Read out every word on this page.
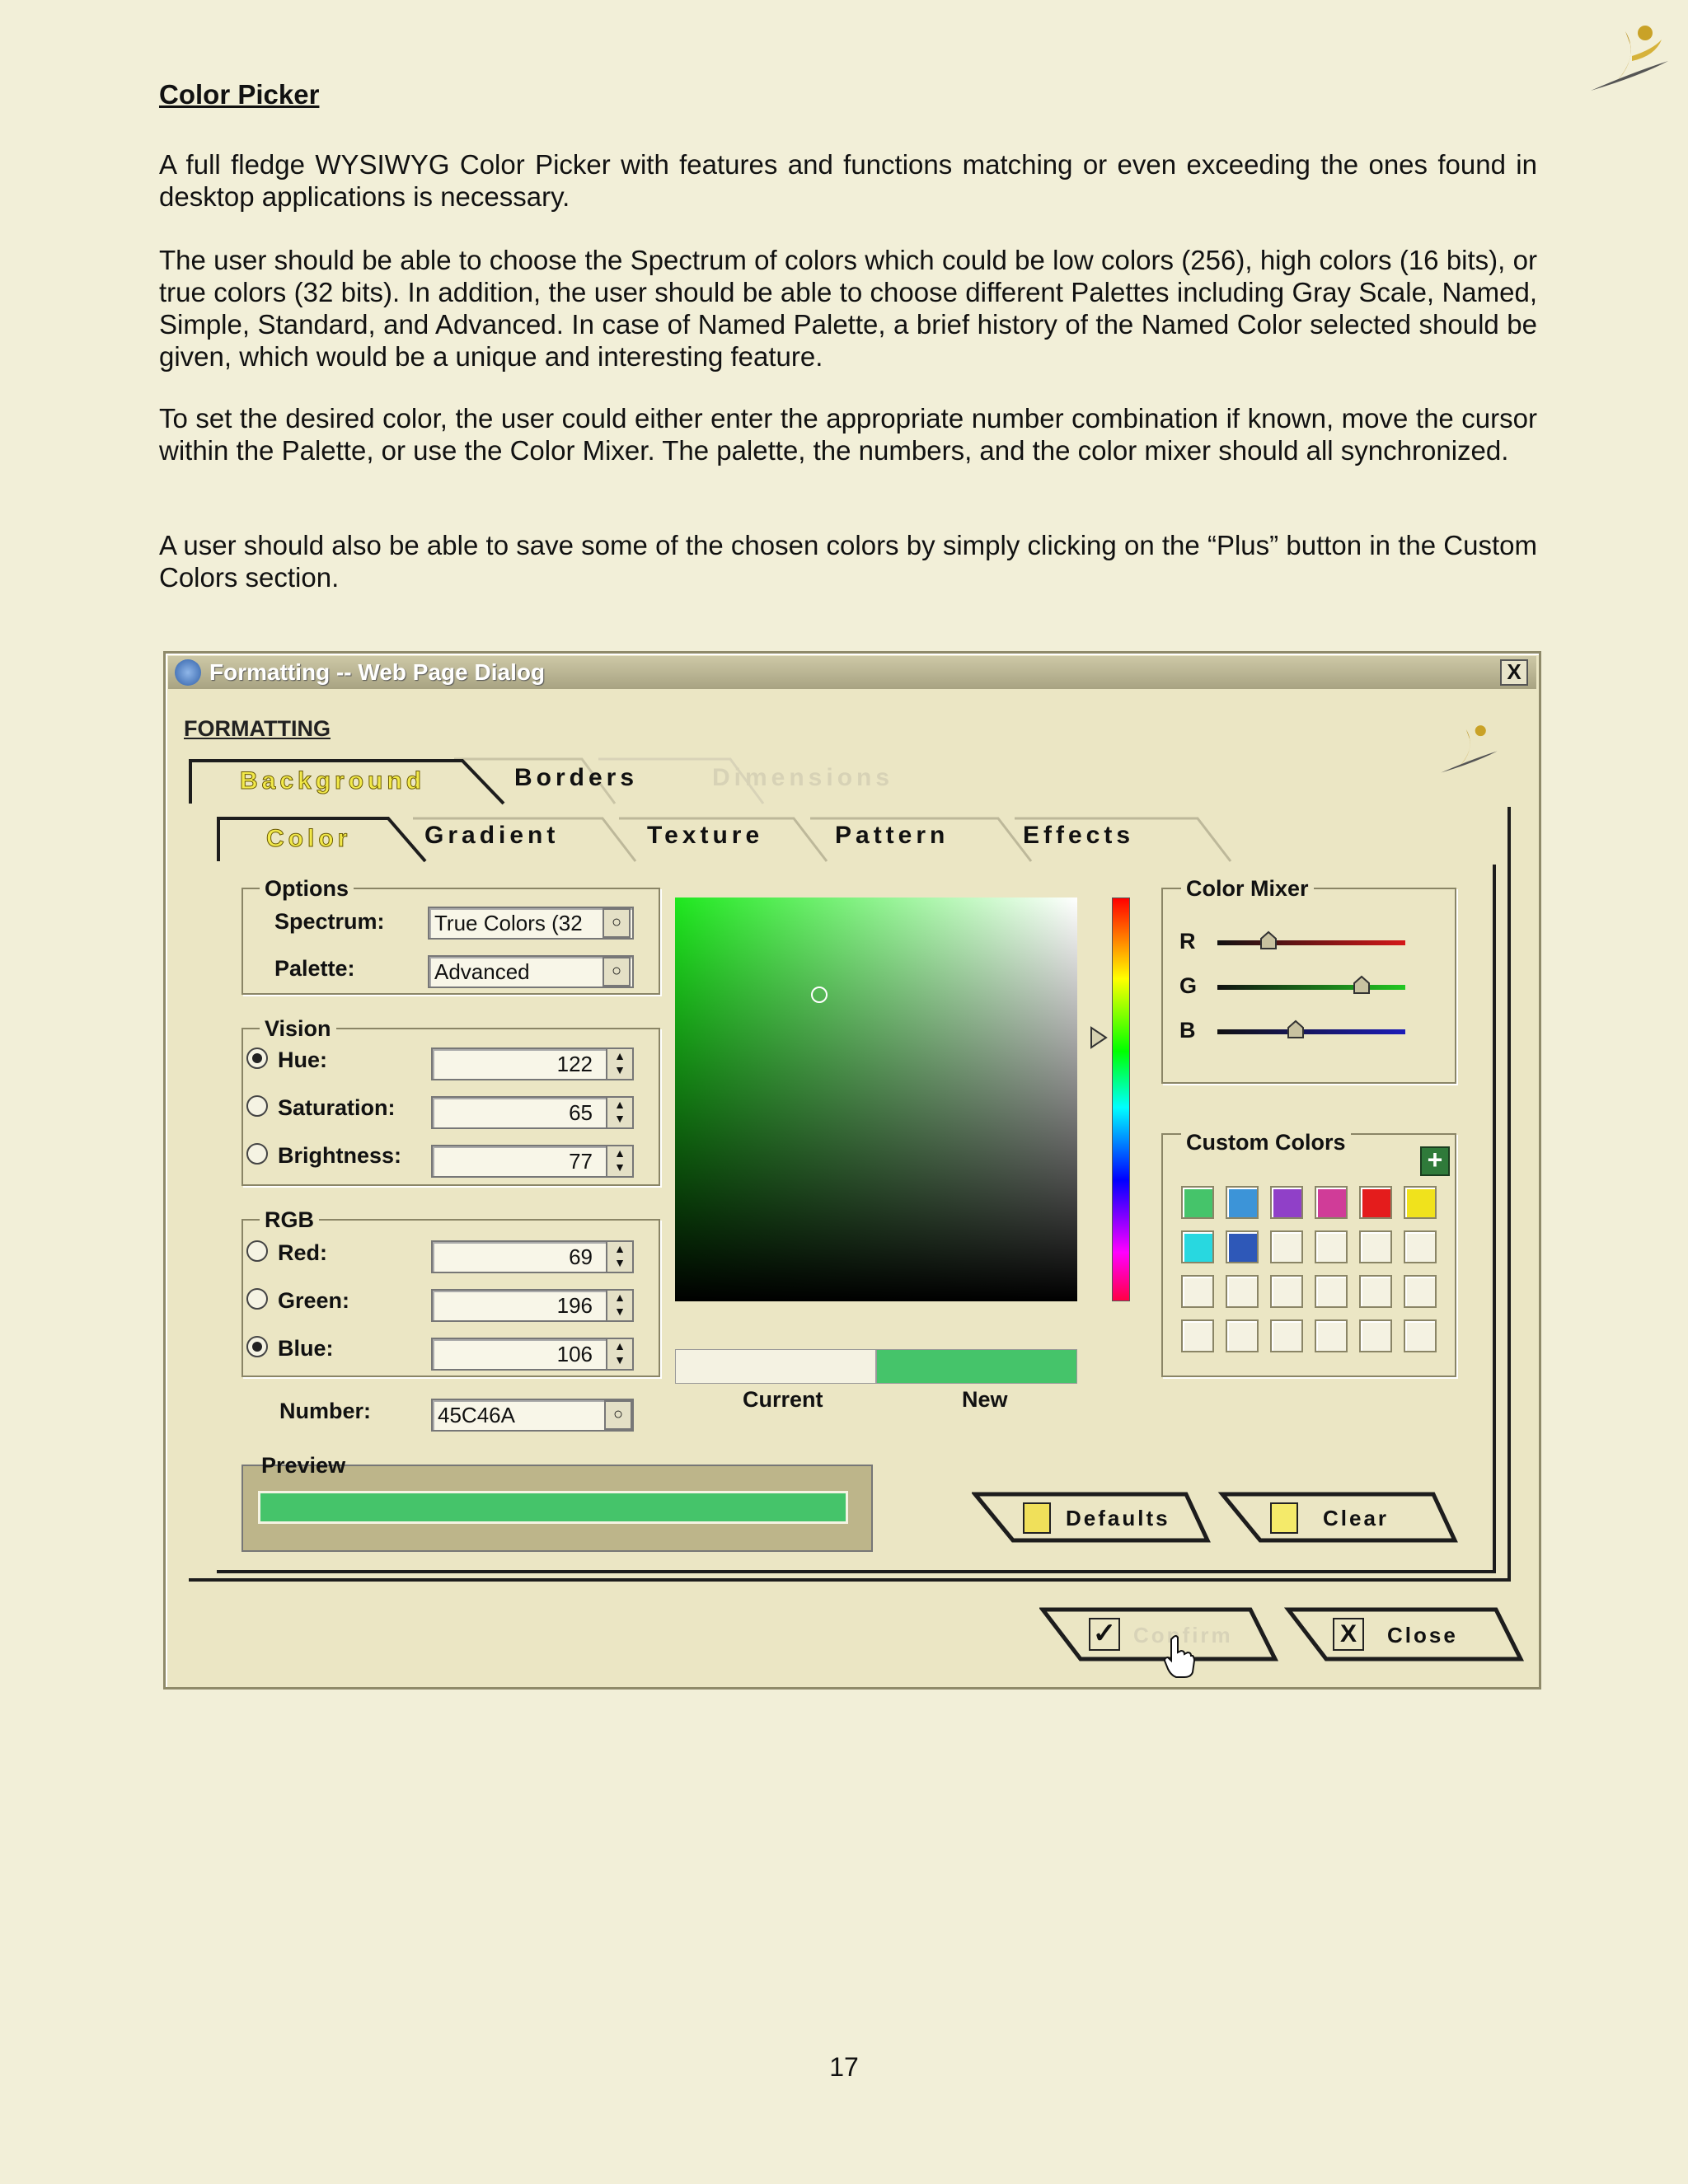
Color Picker
A full fledge WYSIWYG Color Picker with features and functions matching or even exceeding the ones found in desktop applications is necessary.
The user should be able to choose the Spectrum of colors which could be low colors (256), high colors (16 bits), or true colors (32 bits). In addition, the user should be able to choose different Palettes including Gray Scale, Named, Simple, Standard, and Advanced. In case of Named Palette, a brief history of the Named Color selected should be given, which would be a unique and interesting feature.
To set the desired color, the user could either enter the appropriate number combination if known, move the cursor within the Palette, or use the Color Mixer. The palette, the numbers, and the color mixer should all synchronized.
A user should also be able to save some of the chosen colors by simply clicking on the “Plus” button in the Custom Colors section.
Formatting -- Web Page Dialog	X
FORMATTING
Background	Borders	Dimensions
Color	Gradient	Texture	Pattern	Effects
Options
Spectrum:	True Colors (32	○
Palette:	Advanced	○
Vision
Hue:	122	▲
▼
Saturation:	65	▲
▼
Brightness:	77	▲
▼
RGB
Red:	69	▲
▼
Green:	196	▲
▼
Blue:	106	▲
▼
Number:	45C46A	○
Preview
Current	New
Color Mixer
R
G
B
Custom Colors
+
Defaults	Clear
✓ Confirm	X	Close
17
